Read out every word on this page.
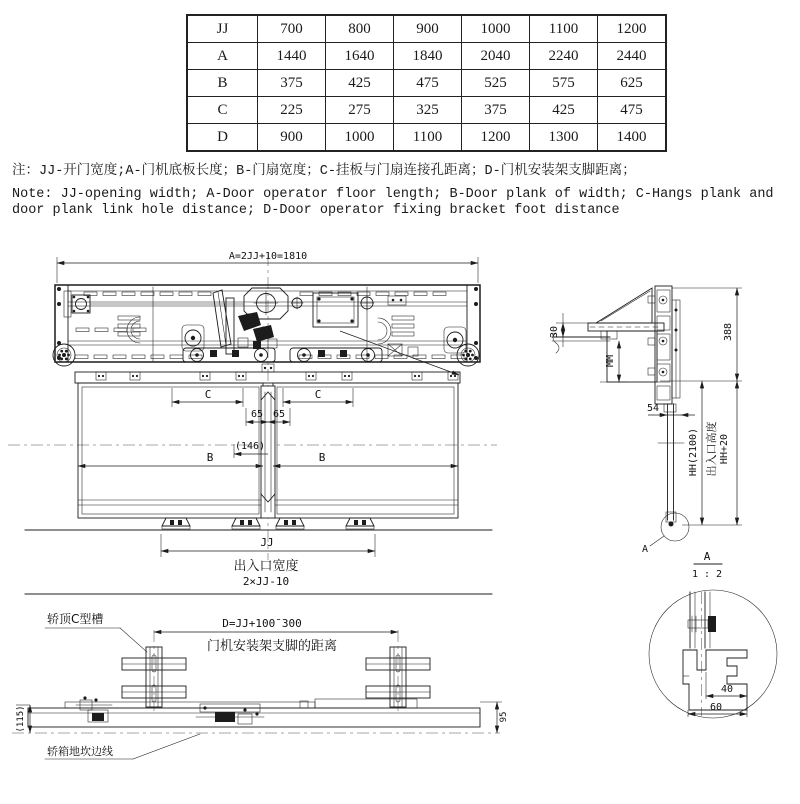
JJ	700	800	900	1000	1100	1200
A	1440	1640	1840	2040	2240	2440
B	375	425	475	525	575	625
C	225	275	325	375	425	475
D	900	1000	1100	1200	1300	1400
注：JJ-开门宽度;A-门机底板长度；B-门扇宽度；C-挂板与门扇连接孔距离；D-门机安装架支脚距离；
Note: JJ-opening width; A-Door operator floor length; B-Door plank of width; C-Hangs plank and door plank link hole distance; D-Door operator fixing bracket foot distance
A=2JJ+10=1810
C	C
65 65
(146)
B	B
JJ
出入口宽度
2×JJ-10
30
MM
54
388
HH(2100) 出入口高度 HH+20
A
A
1 : 2
轿顶C型槽	D=JJ+100¯300
门机安装架支脚的距离
(115)	95
轿箱地坎边线
40
60
